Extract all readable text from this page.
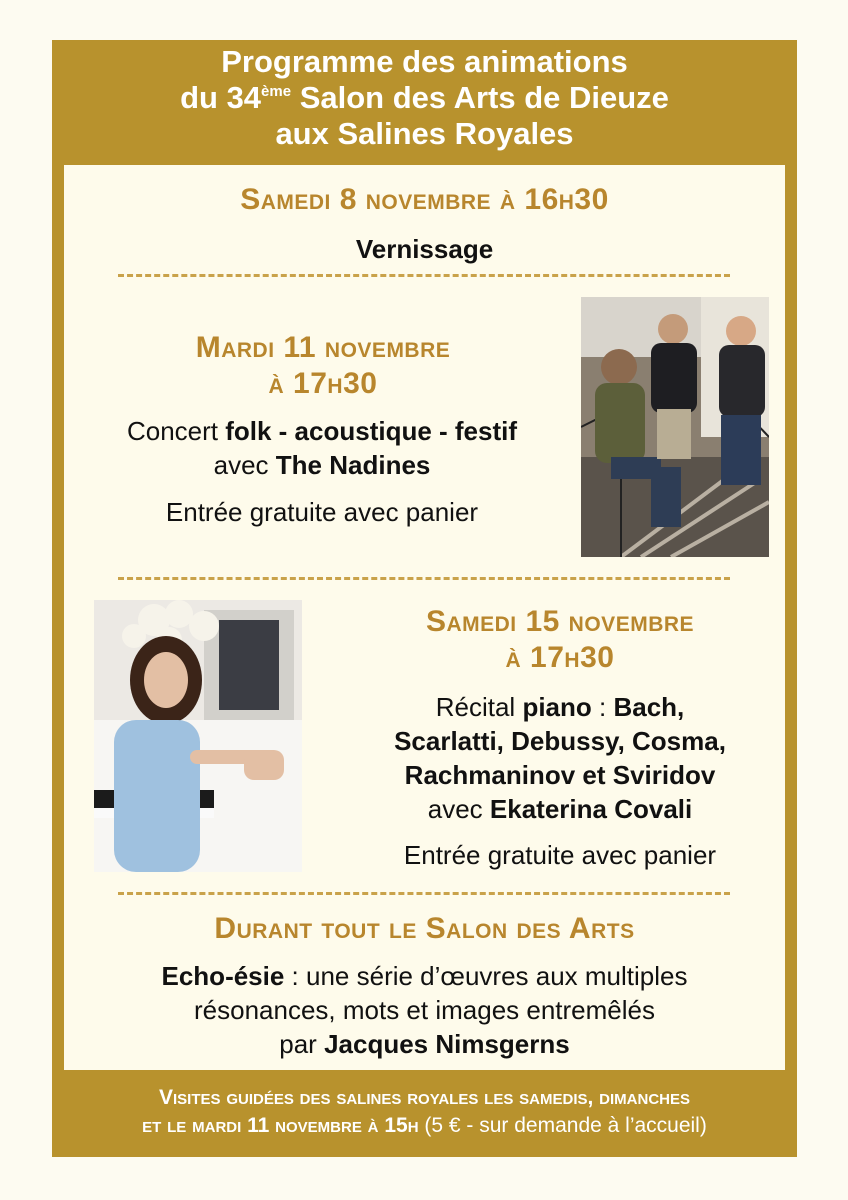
Programme des animations
du 34ème Salon des Arts de Dieuze
aux Salines Royales
Samedi 8 novembre à 16h30
Vernissage
Mardi 11 novembre
à 17h30
Concert folk - acoustique - festif
avec The Nadines
Entrée gratuite avec panier
Samedi 15 novembre
à 17h30
Récital piano : Bach,
Scarlatti, Debussy, Cosma,
Rachmaninov et Sviridov
avec Ekaterina Covali
Entrée gratuite avec panier
Durant tout le Salon des Arts
Echo-ésie : une série d’œuvres aux multiples
résonances, mots et images entremêlés
par Jacques Nimsgerns
Visites guidées des salines royales les samedis, dimanches
et le mardi 11 novembre à 15h (5 € - sur demande à l’accueil)
